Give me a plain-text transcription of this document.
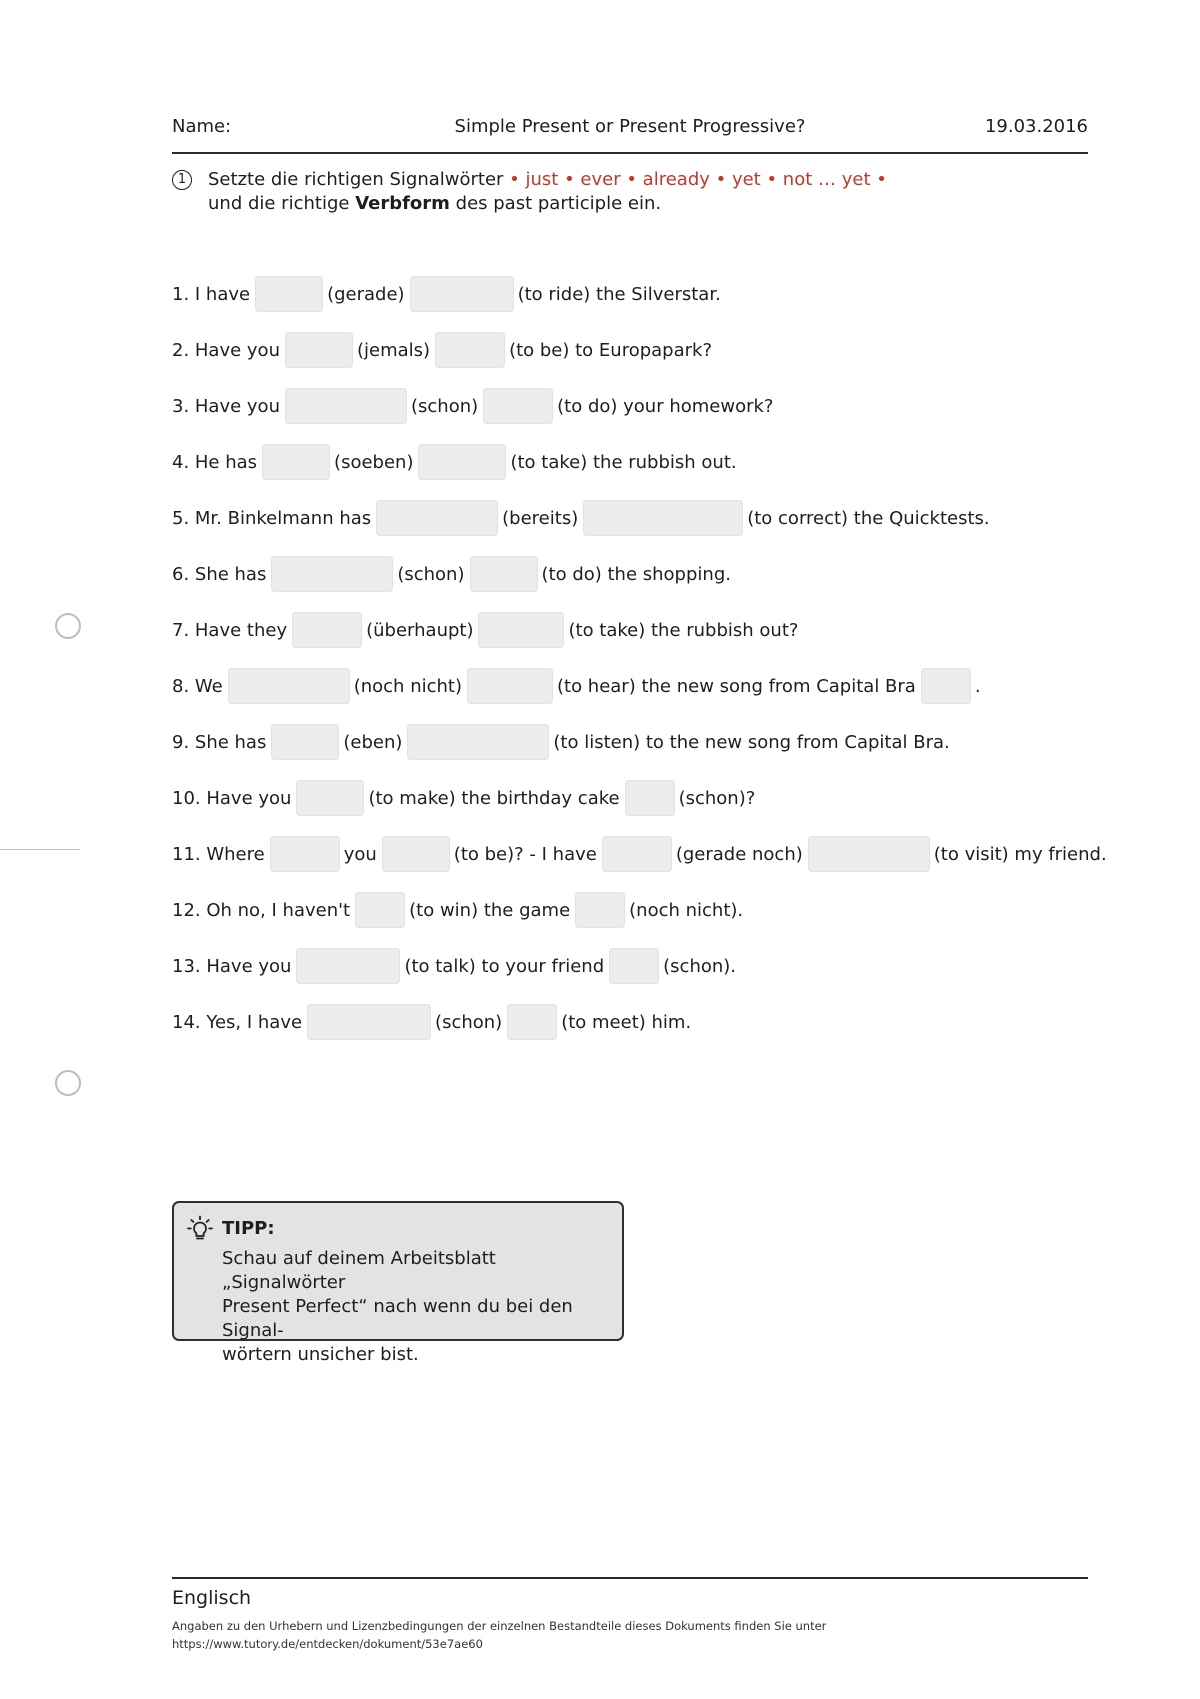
Name:	Simple Present or Present Progressive?	19.03.2016
1	Setzte die richtigen Signalwörter • just • ever • already • yet • not … yet •
und die richtige Verbform des past participle ein.
1. I have	(gerade)	(to ride) the Silverstar.
2. Have you	(jemals)	(to be) to Europapark?
3. Have you	(schon)	(to do) your homework?
4. He has	(soeben)	(to take) the rubbish out.
5. Mr. Binkelmann has	(bereits)	(to correct) the Quicktests.
6. She has	(schon)	(to do) the shopping.
7. Have they	(überhaupt)	(to take) the rubbish out?
8. We	(noch nicht)	(to hear) the new song from Capital Bra	.
9. She has	(eben)	(to listen) to the new song from Capital Bra.
10. Have you	(to make) the birthday cake	(schon)?
11. Where	you	(to be)? - I have	(gerade noch)	(to visit) my friend.
12. Oh no, I haven't	(to win) the game	(noch nicht).
13. Have you	(to talk) to your friend	(schon).
14. Yes, I have	(schon)	(to meet) him.
TIPP:
Schau auf deinem Arbeitsblatt „Signalwörter
Present Perfect“ nach wenn du bei den Signal-
wörtern unsicher bist.
Englisch
Angaben zu den Urhebern und Lizenzbedingungen der einzelnen Bestandteile dieses Dokuments finden Sie unter
https://www.tutory.de/entdecken/dokument/53e7ae60
